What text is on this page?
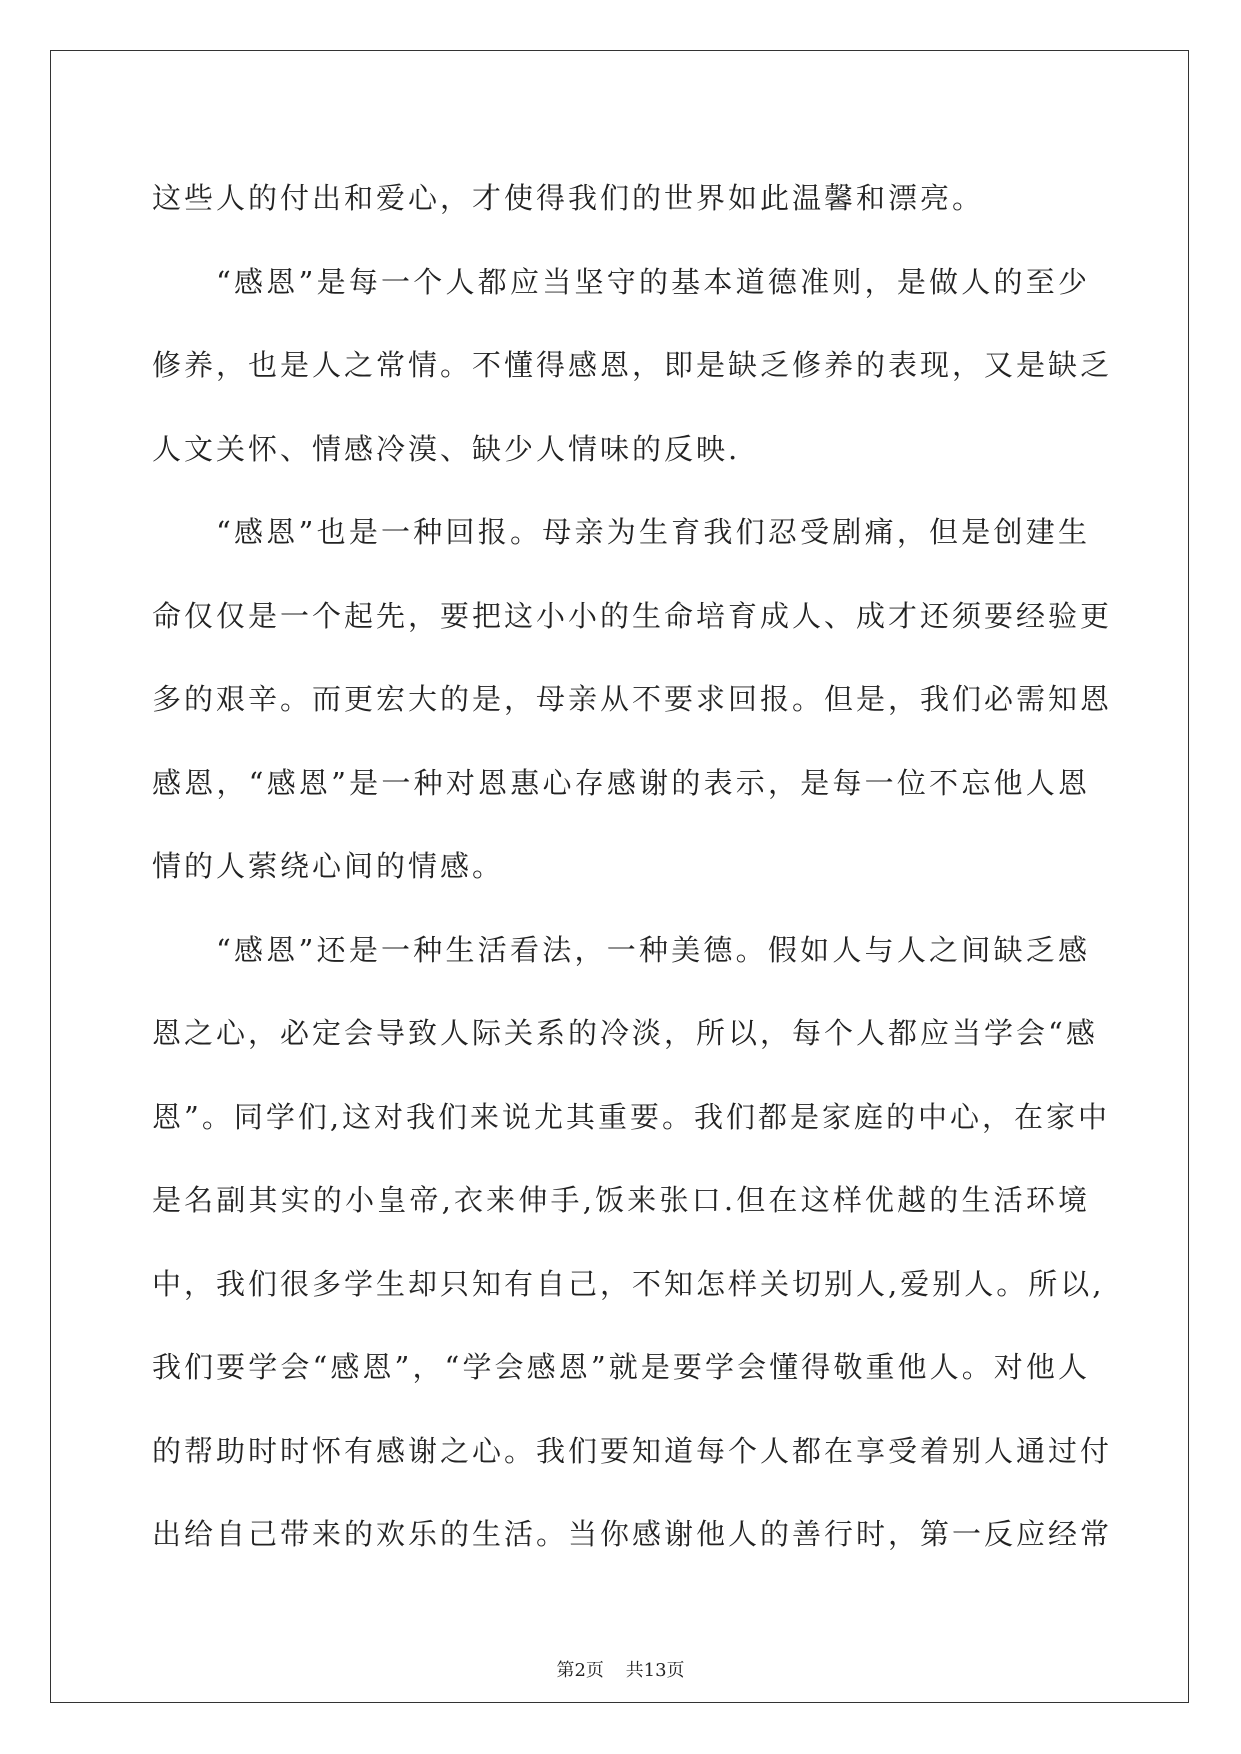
这些人的付出和爱心，才使得我们的世界如此温馨和漂亮。
“感恩”是每一个人都应当坚守的基本道德准则，是做人的至少
修养，也是人之常情。不懂得感恩，即是缺乏修养的表现，又是缺乏
人文关怀、情感冷漠、缺少人情味的反映.
“感恩”也是一种回报。母亲为生育我们忍受剧痛，但是创建生
命仅仅是一个起先，要把这小小的生命培育成人、成才还须要经验更
多的艰辛。而更宏大的是，母亲从不要求回报。但是，我们必需知恩
感恩，“感恩”是一种对恩惠心存感谢的表示，是每一位不忘他人恩
情的人萦绕心间的情感。
“感恩”还是一种生活看法，一种美德。假如人与人之间缺乏感
恩之心，必定会导致人际关系的冷淡，所以，每个人都应当学会“感
恩”。同学们,这对我们来说尤其重要。我们都是家庭的中心，在家中
是名副其实的小皇帝,衣来伸手,饭来张口.但在这样优越的生活环境
中，我们很多学生却只知有自己，不知怎样关切别人,爱别人。所以,
我们要学会“感恩”，“学会感恩”就是要学会懂得敬重他人。对他人
的帮助时时怀有感谢之心。我们要知道每个人都在享受着别人通过付
出给自己带来的欢乐的生活。当你感谢他人的善行时，第一反应经常
第2页 共13页
